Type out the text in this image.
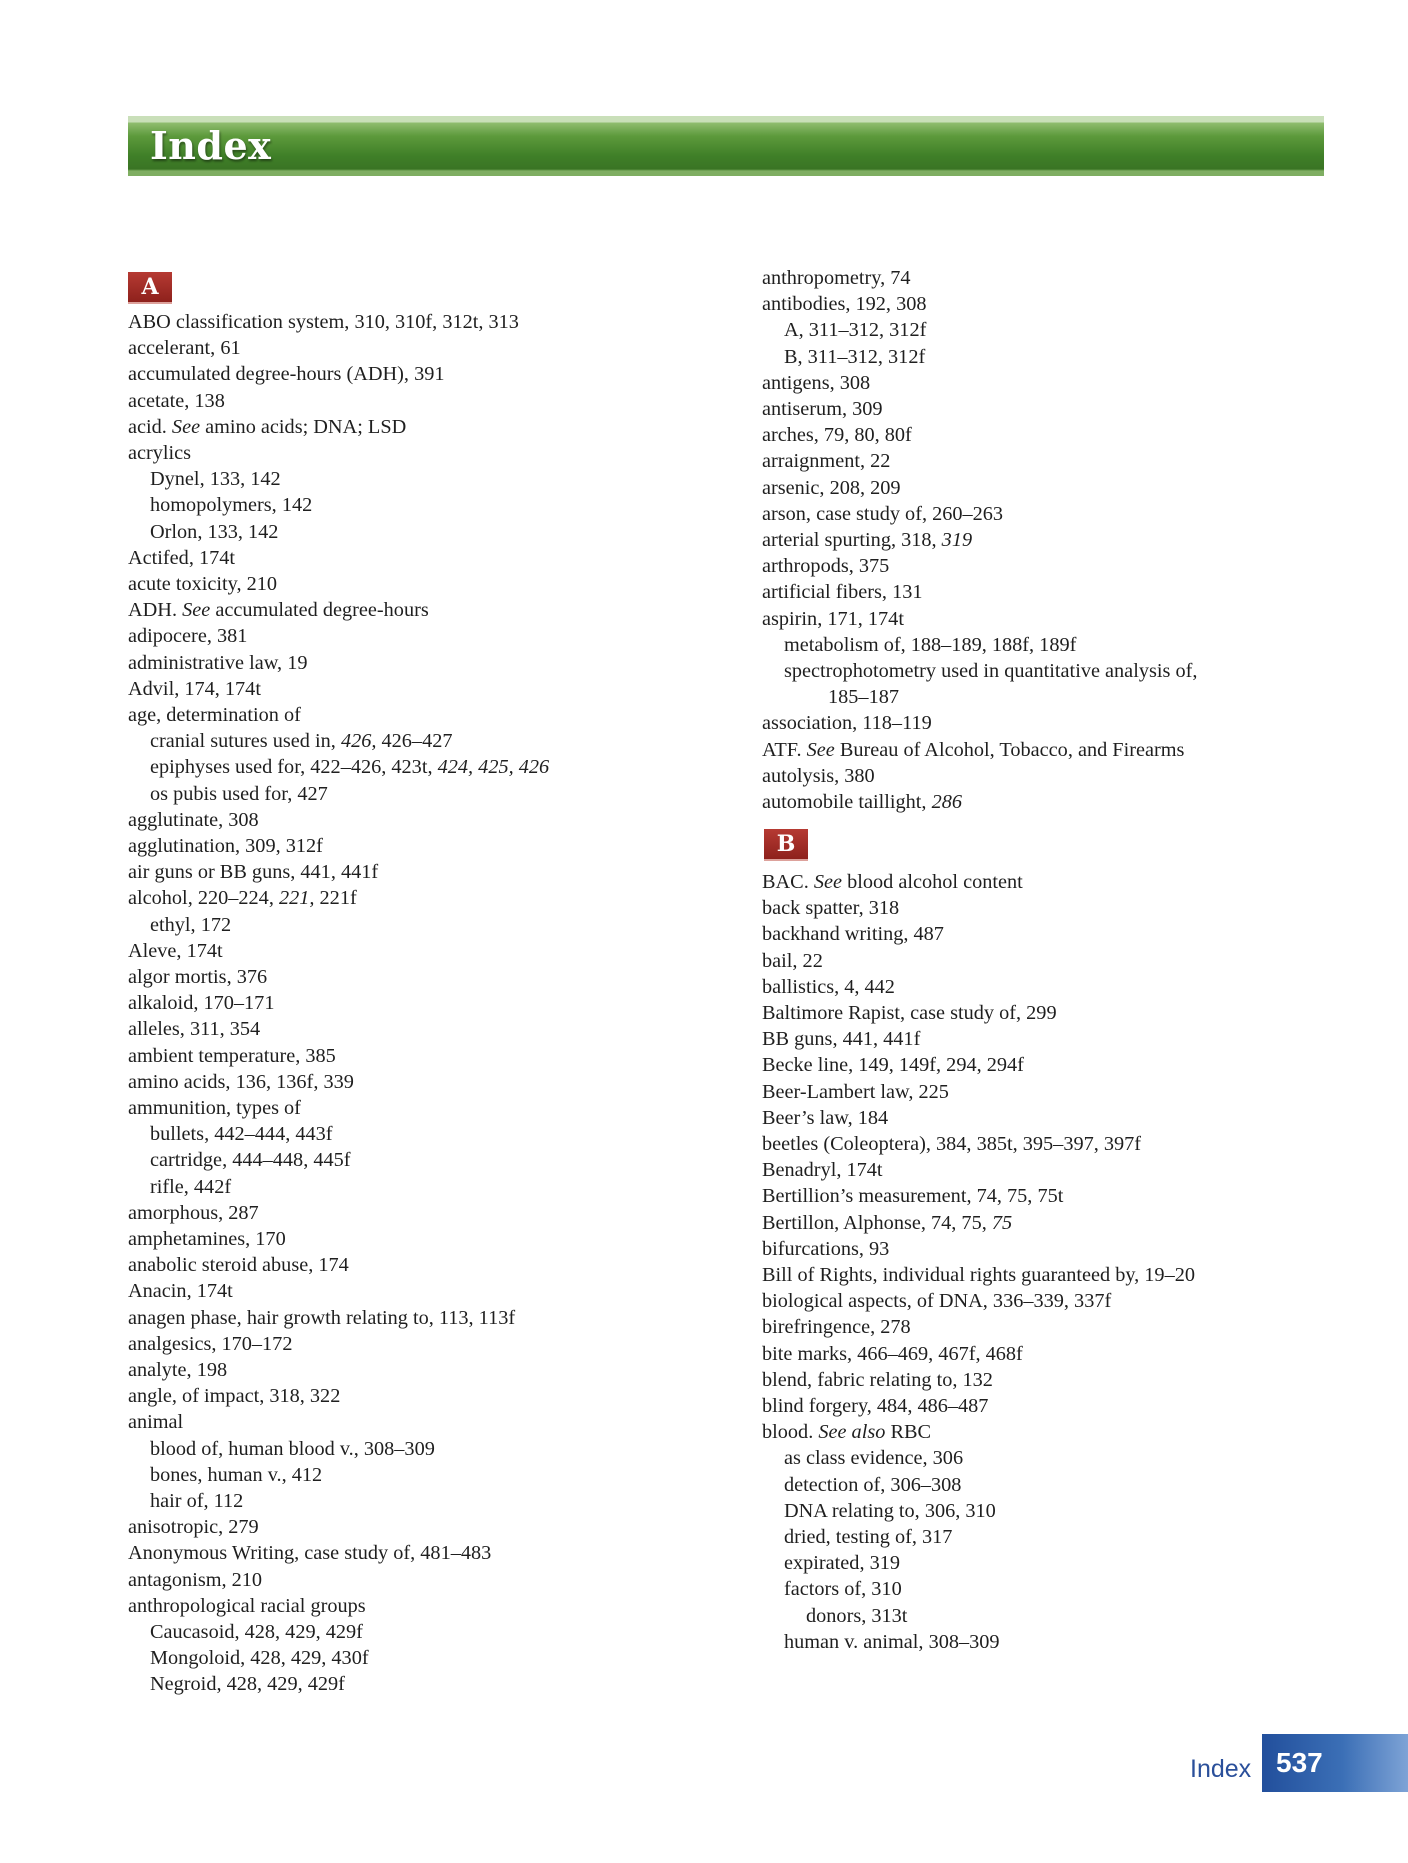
Index
A
ABO classification system, 310, 310f, 312t, 313
accelerant, 61
accumulated degree-hours (ADH), 391
acetate, 138
acid. See amino acids; DNA; LSD
acrylics
Dynel, 133, 142
homopolymers, 142
Orlon, 133, 142
Actifed, 174t
acute toxicity, 210
ADH. See accumulated degree-hours
adipocere, 381
administrative law, 19
Advil, 174, 174t
age, determination of
cranial sutures used in, 426, 426–427
epiphyses used for, 422–426, 423t, 424, 425, 426
os pubis used for, 427
agglutinate, 308
agglutination, 309, 312f
air guns or BB guns, 441, 441f
alcohol, 220–224, 221, 221f
ethyl, 172
Aleve, 174t
algor mortis, 376
alkaloid, 170–171
alleles, 311, 354
ambient temperature, 385
amino acids, 136, 136f, 339
ammunition, types of
bullets, 442–444, 443f
cartridge, 444–448, 445f
rifle, 442f
amorphous, 287
amphetamines, 170
anabolic steroid abuse, 174
Anacin, 174t
anagen phase, hair growth relating to, 113, 113f
analgesics, 170–172
analyte, 198
angle, of impact, 318, 322
animal
blood of, human blood v., 308–309
bones, human v., 412
hair of, 112
anisotropic, 279
Anonymous Writing, case study of, 481–483
antagonism, 210
anthropological racial groups
Caucasoid, 428, 429, 429f
Mongoloid, 428, 429, 430f
Negroid, 428, 429, 429f
B
anthropometry, 74
antibodies, 192, 308
A, 311–312, 312f
B, 311–312, 312f
antigens, 308
antiserum, 309
arches, 79, 80, 80f
arraignment, 22
arsenic, 208, 209
arson, case study of, 260–263
arterial spurting, 318, 319
arthropods, 375
artificial fibers, 131
aspirin, 171, 174t
metabolism of, 188–189, 188f, 189f
spectrophotometry used in quantitative analysis of,
185–187
association, 118–119
ATF. See Bureau of Alcohol, Tobacco, and Firearms
autolysis, 380
automobile taillight, 286
BAC. See blood alcohol content
back spatter, 318
backhand writing, 487
bail, 22
ballistics, 4, 442
Baltimore Rapist, case study of, 299
BB guns, 441, 441f
Becke line, 149, 149f, 294, 294f
Beer-Lambert law, 225
Beer’s law, 184
beetles (Coleoptera), 384, 385t, 395–397, 397f
Benadryl, 174t
Bertillion’s measurement, 74, 75, 75t
Bertillon, Alphonse, 74, 75, 75
bifurcations, 93
Bill of Rights, individual rights guaranteed by, 19–20
biological aspects, of DNA, 336–339, 337f
birefringence, 278
bite marks, 466–469, 467f, 468f
blend, fabric relating to, 132
blind forgery, 484, 486–487
blood. See also RBC
as class evidence, 306
detection of, 306–308
DNA relating to, 306, 310
dried, testing of, 317
expirated, 319
factors of, 310
donors, 313t
human v. animal, 308–309
Index 537
